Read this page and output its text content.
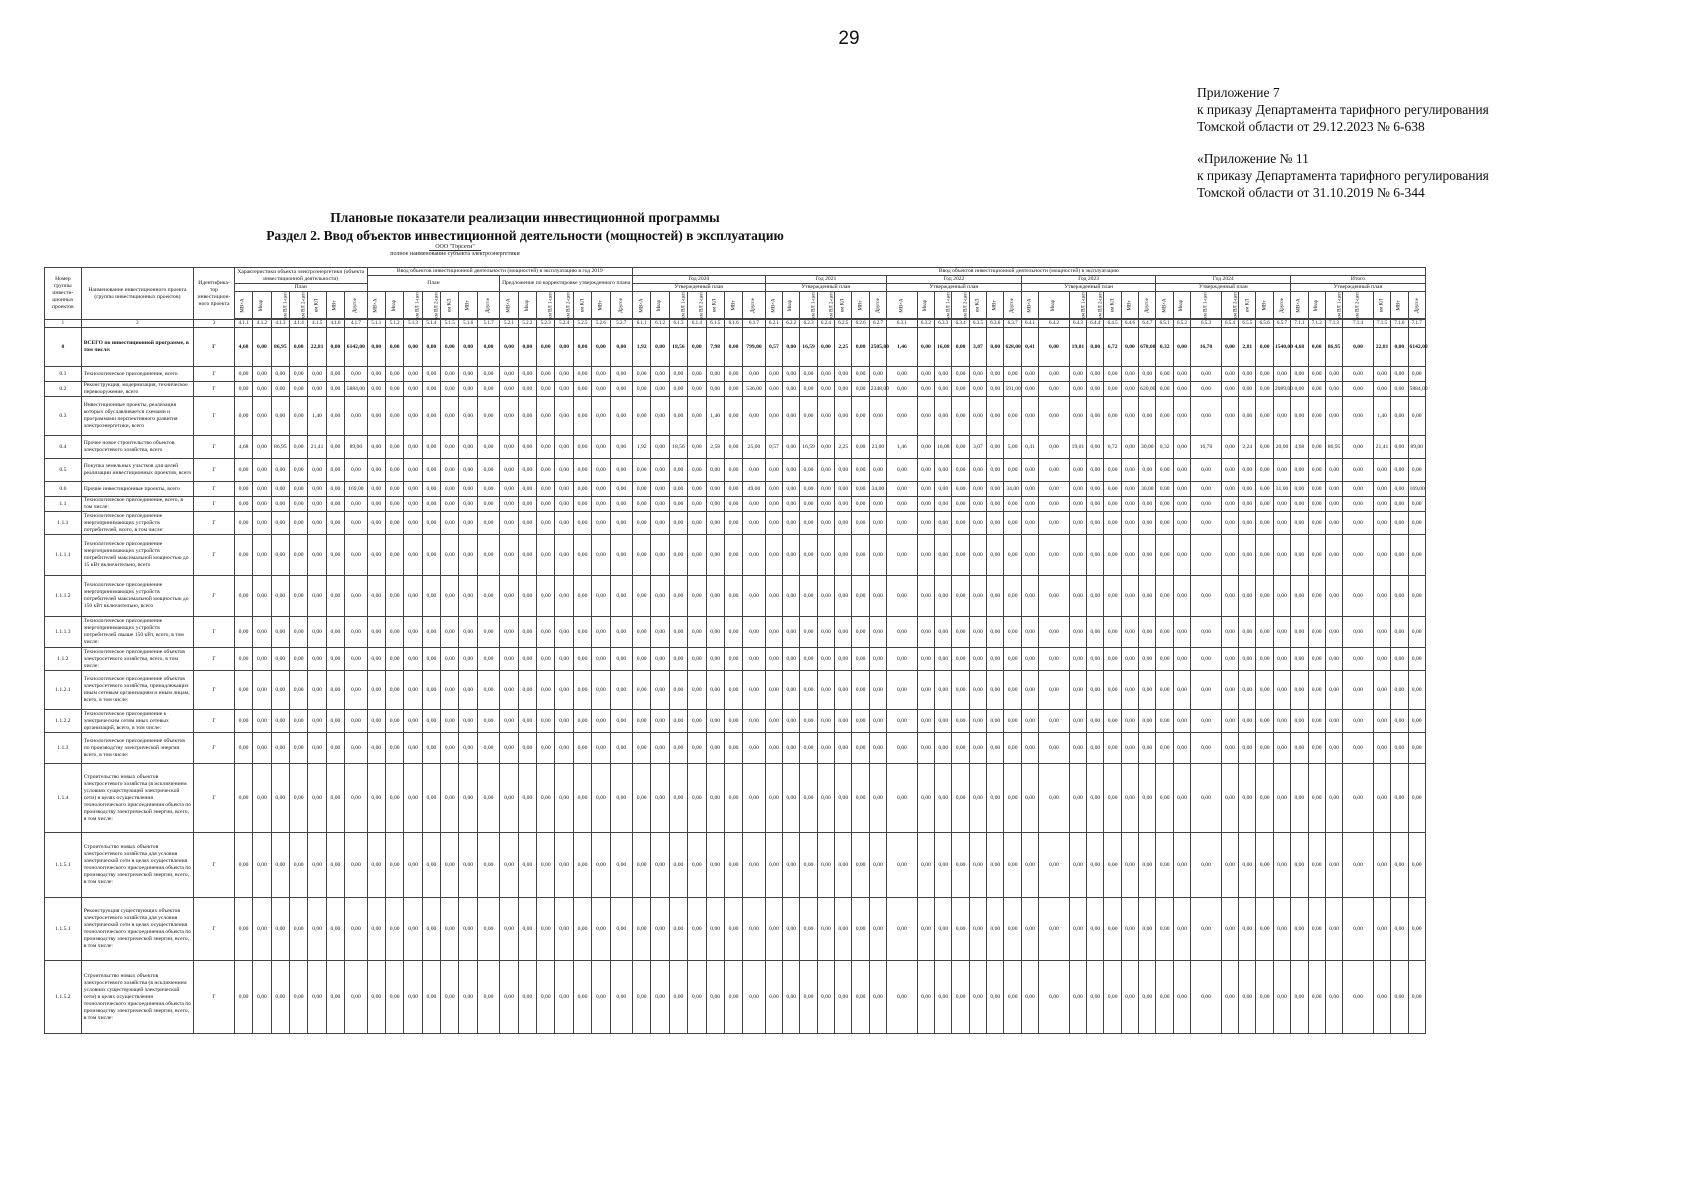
29
Приложение 7
к приказу Департамента тарифного регулирования
Томской области от 29.12.2023 № 6-638
«Приложение № 11
к приказу Департамента тарифного регулирования
Томской области от 31.10.2019 № 6-344
Плановые показатели реализации инвестиционной программы
Раздел 2. Ввод объектов инвестиционной деятельности (мощностей) в эксплуатацию
ООО "Горсети"
полное наименование субъекта электроэнергетики
Номер группы инвести-ционных проектов	Наименование инвестиционного проекта (группы инвестиционных проектов)	Идентифика-тор инвестицион-ного проекта	Характеристики объекта электроэнергетики (объекта инвестиционной деятельности)	Ввод объектов инвестиционной деятельности (мощностей) в эксплуатацию в год 2019	Ввод объектов инвестиционной деятельности (мощностей) в эксплуатацию
План	Предложение по корректировке утвержденного плана	Год 2020	Год 2021	Год 2022	Год 2023	Год 2024	Итого
План	Утвержденный план	Утвержденный план	Утвержденный план	Утвержденный план	Утвержденный план	Утвержденный план
МВ×А	Мвар	км ВЛ 1-цеп	км ВЛ 2-цеп	км КЛ	МВт	Другое	МВ×А	Мвар	км ВЛ 1-цеп	км ВЛ 2-цеп	км КЛ	МВт	Другое	МВ×А	Мвар	км ВЛ 1-цеп	км ВЛ 2-цеп	км КЛ	МВт	Другое	МВ×А	Мвар	км ВЛ 1-цеп	км ВЛ 2-цеп	км КЛ	МВт	Другое	МВ×А	Мвар	км ВЛ 1-цеп	км ВЛ 2-цеп	км КЛ	МВт	Другое	МВ×А	Мвар	км ВЛ 1-цеп	км ВЛ 2-цеп	км КЛ	МВт	Другое	МВ×А	Мвар	км ВЛ 1-цеп	км ВЛ 2-цеп	км КЛ	МВт	Другое	МВ×А	Мвар	км ВЛ 1-цеп	км ВЛ 2-цеп	км КЛ	МВт	Другое	МВ×А	Мвар	км ВЛ 1-цеп	км ВЛ 2-цеп	км КЛ	МВт	Другое

1	2	3	4.1.1	4.1.2	4.1.3	4.1.4	4.1.5	4.1.6	4.1.7	5.1.1	5.1.2	5.1.3	5.1.4	5.1.5	5.1.6	5.1.7	5.2.1	5.2.2	5.2.3	5.2.4	5.2.5	5.2.6	5.2.7	6.1.1	6.1.2	6.1.3	6.1.4	6.1.5	6.1.6	6.1.7	6.2.1	6.2.2	6.2.3	6.2.4	6.2.5	6.2.6	6.2.7	6.3.1	6.3.2	6.3.3	6.3.4	6.3.5	6.3.6	6.3.7	6.4.1	6.4.2	6.4.3	6.4.4	6.4.5	6.4.6	6.4.7	6.5.1	6.5.2	6.5.3	6.5.4	6.5.5	6.5.6	6.5.7	7.1.1	7.1.2	7.1.3	7.1.4	7.1.5	7.1.6	7.1.7
0	ВСЕГО по инвестиционной программе, в том числе:	Г	4,68	0,00	86,95	0,00	22,81	0,00	6142,00	0,00	0,00	0,00	0,00	0,00	0,00	0,00	0,00	0,00	0,00	0,00	0,00	0,00	0,00	1,92	0,00	18,56	0,00	7,98	0,00	799,00	0,57	0,00	16,59	0,00	2,25	0,00	2505,00	1,46	0,00	16,08	0,00	3,07	0,00	628,00	0,41	0,00	19,01	0,00	6,72	0,00	670,00	0,32	0,00	16,70	0,00	2,81	0,00	1540,00	4,68	0,00	86,95	0,00	22,81	0,00	6142,00
0.1	Технологическое присоединение, всего	Г	0,00	0,00	0,00	0,00	0,00	0,00	0,00	0,00	0,00	0,00	0,00	0,00	0,00	0,00	0,00	0,00	0,00	0,00	0,00	0,00	0,00	0,00	0,00	0,00	0,00	0,00	0,00	0,00	0,00	0,00	0,00	0,00	0,00	0,00	0,00	0,00	0,00	0,00	0,00	0,00	0,00	0,00	0,00	0,00	0,00	0,00	0,00	0,00	0,00	0,00	0,00	0,00	0,00	0,00	0,00	0,00	0,00	0,00	0,00	0,00	0,00	0,00	0,00
0.2	Реконструкция, модернизация, техническое перевооружение, всего	Г	0,00	0,00	0,00	0,00	0,00	0,00	5884,00	0,00	0,00	0,00	0,00	0,00	0,00	0,00	0,00	0,00	0,00	0,00	0,00	0,00	0,00	0,00	0,00	0,00	0,00	0,00	0,00	536,00	0,00	0,00	0,00	0,00	0,00	0,00	2348,00	0,00	0,00	0,00	0,00	0,00	0,00	591,00	0,00	0,00	0,00	0,00	0,00	0,00	620,00	0,00	0,00	0,00	0,00	0,00	0,00	2089,00	0,00	0,00	0,00	0,00	0,00	0,00	5884,00
0.3	Инвестиционные проекты, реализация которых обуславливается схемами и программами перспективного развития электроэнергетики, всего	Г	0,00	0,00	0,00	0,00	1,40	0,00	0,00	0,00	0,00	0,00	0,00	0,00	0,00	0,00	0,00	0,00	0,00	0,00	0,00	0,00	0,00	0,00	0,00	0,00	0,00	1,40	0,00	0,00	0,00	0,00	0,00	0,00	0,00	0,00	0,00	0,00	0,00	0,00	0,00	0,00	0,00	0,00	0,00	0,00	0,00	0,00	0,00	0,00	0,00	0,00	0,00	0,00	0,00	0,00	0,00	0,00	0,00	0,00	0,00	0,00	1,40	0,00	0,00
0.4	Прочее новое строительство объектов электросетевого хозяйства, всего	Г	4,68	0,00	86,95	0,00	21,41	0,00	89,00	0,00	0,00	0,00	0,00	0,00	0,00	0,00	0,00	0,00	0,00	0,00	0,00	0,00	0,00	1,92	0,00	18,56	0,00	2,58	0,00	25,00	0,57	0,00	16,59	0,00	2,25	0,00	23,00	1,46	0,00	16,08	0,00	3,07	0,00	5,00	0,41	0,00	19,01	0,00	6,72	0,00	30,00	0,32	0,00	16,70	0,00	2,24	0,00	20,00	4,68	0,00	86,95	0,00	21,41	0,00	89,00
0.5	Покупка земельных участков для целей реализации инвестиционных проектов, всего	Г	0,00	0,00	0,00	0,00	0,00	0,00	0,00	0,00	0,00	0,00	0,00	0,00	0,00	0,00	0,00	0,00	0,00	0,00	0,00	0,00	0,00	0,00	0,00	0,00	0,00	0,00	0,00	0,00	0,00	0,00	0,00	0,00	0,00	0,00	0,00	0,00	0,00	0,00	0,00	0,00	0,00	0,00	0,00	0,00	0,00	0,00	0,00	0,00	0,00	0,00	0,00	0,00	0,00	0,00	0,00	0,00	0,00	0,00	0,00	0,00	0,00	0,00	0,00
0.6	Прочие инвестиционные проекты, всего	Г	0,00	0,00	0,00	0,00	0,00	0,00	169,00	0,00	0,00	0,00	0,00	0,00	0,00	0,00	0,00	0,00	0,00	0,00	0,00	0,00	0,00	0,00	0,00	0,00	0,00	0,00	0,00	49,00	0,00	0,00	0,00	0,00	0,00	0,00	34,00	0,00	0,00	0,00	0,00	0,00	0,00	34,00	0,00	0,00	0,00	0,00	0,00	0,00	30,00	0,00	0,00	0,00	0,00	0,00	0,00	31,00	0,00	0,00	0,00	0,00	0,00	0,00	169,00
1.1	Технологическое присоединение, всего, в том числе:	Г	0,00	0,00	0,00	0,00	0,00	0,00	0,00	0,00	0,00	0,00	0,00	0,00	0,00	0,00	0,00	0,00	0,00	0,00	0,00	0,00	0,00	0,00	0,00	0,00	0,00	0,00	0,00	0,00	0,00	0,00	0,00	0,00	0,00	0,00	0,00	0,00	0,00	0,00	0,00	0,00	0,00	0,00	0,00	0,00	0,00	0,00	0,00	0,00	0,00	0,00	0,00	0,00	0,00	0,00	0,00	0,00	0,00	0,00	0,00	0,00	0,00	0,00	0,00
1.1.1	Технологическое присоединение энергопринимающих устройств потребителей, всего, в том числе:	Г	0,00	0,00	0,00	0,00	0,00	0,00	0,00	0,00	0,00	0,00	0,00	0,00	0,00	0,00	0,00	0,00	0,00	0,00	0,00	0,00	0,00	0,00	0,00	0,00	0,00	0,00	0,00	0,00	0,00	0,00	0,00	0,00	0,00	0,00	0,00	0,00	0,00	0,00	0,00	0,00	0,00	0,00	0,00	0,00	0,00	0,00	0,00	0,00	0,00	0,00	0,00	0,00	0,00	0,00	0,00	0,00	0,00	0,00	0,00	0,00	0,00	0,00	0,00
1.1.1.1	Технологическое присоединение энергопринимающих устройств потребителей максимальной мощностью до 15 кВт включительно, всего	Г	0,00	0,00	0,00	0,00	0,00	0,00	0,00	0,00	0,00	0,00	0,00	0,00	0,00	0,00	0,00	0,00	0,00	0,00	0,00	0,00	0,00	0,00	0,00	0,00	0,00	0,00	0,00	0,00	0,00	0,00	0,00	0,00	0,00	0,00	0,00	0,00	0,00	0,00	0,00	0,00	0,00	0,00	0,00	0,00	0,00	0,00	0,00	0,00	0,00	0,00	0,00	0,00	0,00	0,00	0,00	0,00	0,00	0,00	0,00	0,00	0,00	0,00	0,00
1.1.1.2	Технологическое присоединение энергопринимающих устройств потребителей максимальной мощностью до 150 кВт включительно, всего	Г	0,00	0,00	0,00	0,00	0,00	0,00	0,00	0,00	0,00	0,00	0,00	0,00	0,00	0,00	0,00	0,00	0,00	0,00	0,00	0,00	0,00	0,00	0,00	0,00	0,00	0,00	0,00	0,00	0,00	0,00	0,00	0,00	0,00	0,00	0,00	0,00	0,00	0,00	0,00	0,00	0,00	0,00	0,00	0,00	0,00	0,00	0,00	0,00	0,00	0,00	0,00	0,00	0,00	0,00	0,00	0,00	0,00	0,00	0,00	0,00	0,00	0,00	0,00
1.1.1.3	Технологическое присоединение энергопринимающих устройств потребителей свыше 150 кВт, всего, в том числе:	Г	0,00	0,00	0,00	0,00	0,00	0,00	0,00	0,00	0,00	0,00	0,00	0,00	0,00	0,00	0,00	0,00	0,00	0,00	0,00	0,00	0,00	0,00	0,00	0,00	0,00	0,00	0,00	0,00	0,00	0,00	0,00	0,00	0,00	0,00	0,00	0,00	0,00	0,00	0,00	0,00	0,00	0,00	0,00	0,00	0,00	0,00	0,00	0,00	0,00	0,00	0,00	0,00	0,00	0,00	0,00	0,00	0,00	0,00	0,00	0,00	0,00	0,00	0,00
1.1.2	Технологическое присоединение объектов электросетевого хозяйства, всего, в том числе:	Г	0,00	0,00	0,00	0,00	0,00	0,00	0,00	0,00	0,00	0,00	0,00	0,00	0,00	0,00	0,00	0,00	0,00	0,00	0,00	0,00	0,00	0,00	0,00	0,00	0,00	0,00	0,00	0,00	0,00	0,00	0,00	0,00	0,00	0,00	0,00	0,00	0,00	0,00	0,00	0,00	0,00	0,00	0,00	0,00	0,00	0,00	0,00	0,00	0,00	0,00	0,00	0,00	0,00	0,00	0,00	0,00	0,00	0,00	0,00	0,00	0,00	0,00	0,00
1.1.2.1	Технологическое присоединение объектов электросетевого хозяйства, принадлежащих иным сетевым организациям и иным лицам, всего, в том числе:	Г	0,00	0,00	0,00	0,00	0,00	0,00	0,00	0,00	0,00	0,00	0,00	0,00	0,00	0,00	0,00	0,00	0,00	0,00	0,00	0,00	0,00	0,00	0,00	0,00	0,00	0,00	0,00	0,00	0,00	0,00	0,00	0,00	0,00	0,00	0,00	0,00	0,00	0,00	0,00	0,00	0,00	0,00	0,00	0,00	0,00	0,00	0,00	0,00	0,00	0,00	0,00	0,00	0,00	0,00	0,00	0,00	0,00	0,00	0,00	0,00	0,00	0,00	0,00
1.1.2.2	Технологическое присоединение к электрическим сетям иных сетевых организаций, всего, в том числе:	Г	0,00	0,00	0,00	0,00	0,00	0,00	0,00	0,00	0,00	0,00	0,00	0,00	0,00	0,00	0,00	0,00	0,00	0,00	0,00	0,00	0,00	0,00	0,00	0,00	0,00	0,00	0,00	0,00	0,00	0,00	0,00	0,00	0,00	0,00	0,00	0,00	0,00	0,00	0,00	0,00	0,00	0,00	0,00	0,00	0,00	0,00	0,00	0,00	0,00	0,00	0,00	0,00	0,00	0,00	0,00	0,00	0,00	0,00	0,00	0,00	0,00	0,00	0,00
1.1.3	Технологическое присоединение объектов по производству электрической энергии всего, в том числе:	Г	0,00	0,00	0,00	0,00	0,00	0,00	0,00	0,00	0,00	0,00	0,00	0,00	0,00	0,00	0,00	0,00	0,00	0,00	0,00	0,00	0,00	0,00	0,00	0,00	0,00	0,00	0,00	0,00	0,00	0,00	0,00	0,00	0,00	0,00	0,00	0,00	0,00	0,00	0,00	0,00	0,00	0,00	0,00	0,00	0,00	0,00	0,00	0,00	0,00	0,00	0,00	0,00	0,00	0,00	0,00	0,00	0,00	0,00	0,00	0,00	0,00	0,00	0,00
1.1.4	Строительство новых объектов электросетевого хозяйства (в исключением условиях существующей электрической сети) в целях осуществления технологического присоединения объекта по производству электрической энергии, всего, в том числе:	Г	0,00	0,00	0,00	0,00	0,00	0,00	0,00	0,00	0,00	0,00	0,00	0,00	0,00	0,00	0,00	0,00	0,00	0,00	0,00	0,00	0,00	0,00	0,00	0,00	0,00	0,00	0,00	0,00	0,00	0,00	0,00	0,00	0,00	0,00	0,00	0,00	0,00	0,00	0,00	0,00	0,00	0,00	0,00	0,00	0,00	0,00	0,00	0,00	0,00	0,00	0,00	0,00	0,00	0,00	0,00	0,00	0,00	0,00	0,00	0,00	0,00	0,00	0,00
1.1.5.1	Строительство новых объектов электросетевого хозяйства для условия электрической сети в целях осуществления технологического присоединения объекта по производству электрической энергии, всего, в том числе:	Г	0,00	0,00	0,00	0,00	0,00	0,00	0,00	0,00	0,00	0,00	0,00	0,00	0,00	0,00	0,00	0,00	0,00	0,00	0,00	0,00	0,00	0,00	0,00	0,00	0,00	0,00	0,00	0,00	0,00	0,00	0,00	0,00	0,00	0,00	0,00	0,00	0,00	0,00	0,00	0,00	0,00	0,00	0,00	0,00	0,00	0,00	0,00	0,00	0,00	0,00	0,00	0,00	0,00	0,00	0,00	0,00	0,00	0,00	0,00	0,00	0,00	0,00	0,00
1.1.5.1	Реконструкция существующих объектов электросетевого хозяйства для условия электрической сети в целях осуществления технологического присоединения объекта по производству электрической энергии, всего, в том числе:	Г	0,00	0,00	0,00	0,00	0,00	0,00	0,00	0,00	0,00	0,00	0,00	0,00	0,00	0,00	0,00	0,00	0,00	0,00	0,00	0,00	0,00	0,00	0,00	0,00	0,00	0,00	0,00	0,00	0,00	0,00	0,00	0,00	0,00	0,00	0,00	0,00	0,00	0,00	0,00	0,00	0,00	0,00	0,00	0,00	0,00	0,00	0,00	0,00	0,00	0,00	0,00	0,00	0,00	0,00	0,00	0,00	0,00	0,00	0,00	0,00	0,00	0,00	0,00
1.1.5.2	Строительство новых объектов электросетевого хозяйства (в исключением условиях существующей электрической сети) в целях осуществления технологического присоединения объекта по производству электрической энергии, всего, в том числе:	Г	0,00	0,00	0,00	0,00	0,00	0,00	0,00	0,00	0,00	0,00	0,00	0,00	0,00	0,00	0,00	0,00	0,00	0,00	0,00	0,00	0,00	0,00	0,00	0,00	0,00	0,00	0,00	0,00	0,00	0,00	0,00	0,00	0,00	0,00	0,00	0,00	0,00	0,00	0,00	0,00	0,00	0,00	0,00	0,00	0,00	0,00	0,00	0,00	0,00	0,00	0,00	0,00	0,00	0,00	0,00	0,00	0,00	0,00	0,00	0,00	0,00	0,00	0,00
